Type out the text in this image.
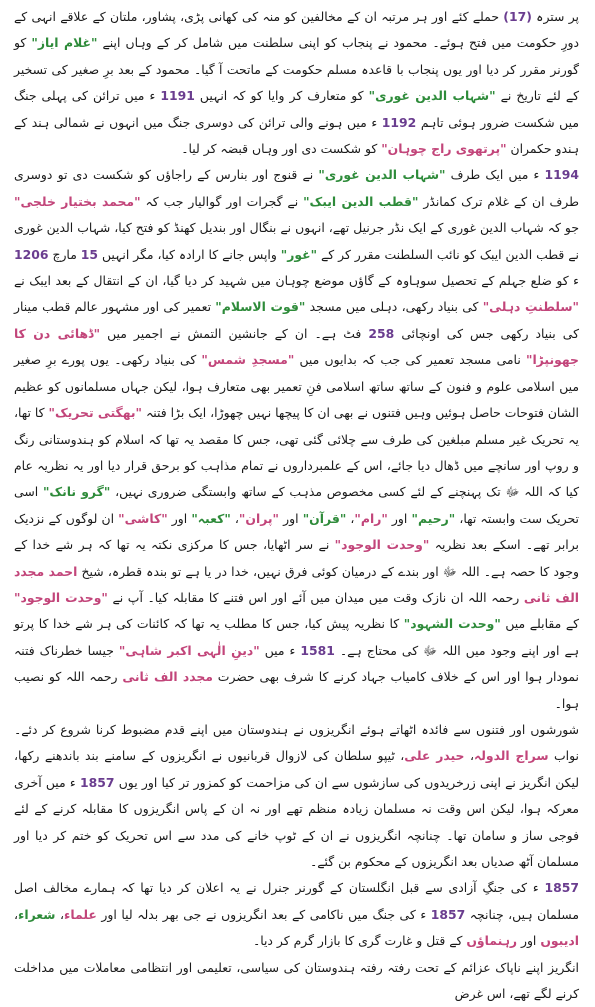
پر سترہ (17) حملے کئے اور ہر مرتبہ ان کے مخالفین کو منہ کی کھانی پڑی، پشاور، ملتان کے علاقے انہی کے دورِ حکومت میں فتح ہوئے۔ محمود نے پنجاب کو اپنی سلطنت میں شامل کر کے وہاں اپنے "غلام ایاز" کو گورنر مقرر کر دیا اور یوں پنجاب با قاعدہ مسلم حکومت کے ماتحت آ گیا۔ محمود کے بعد برِ صغیر کی تسخیر کے لئے تاریخ نے "شہاب الدین غوری" کو متعارف کر وایا کو کہ انہیں 1191 ء میں ترائن کی پہلی جنگ میں شکست ضرور ہوئی تاہم 1192 ء میں ہونے والی ترائن کی دوسری جنگ میں انہوں نے شمالی ہند کے ہندو حکمران "پرتھوی راج چوہان" کو شکست دی اور وہاں قبضہ کر لیا۔

1194 ء میں ایک طرف "شہاب الدین غوری" نے قنوج اور بنارس کے راجاؤں کو شکست دی تو دوسری طرف ان کے غلام ترک کمانڈر "قطب الدین ایبک" نے گجرات اور گوالیار جب کہ "محمد بختیار خلجی" جو کہ شہاب الدین غوری کے ایک نڈر جرنیل تھے، انہوں نے بنگال اور بندیل کھنڈ کو فتح کیا، شہاب الدین غوری نے قطب الدین ایبک کو نائب السلطنت مقرر کر کے "غور" واپس جانے کا ارادہ کیا، مگر انہیں 15 مارچ 1206 ء کو ضلع جہلم کے تحصیل سوہاوہ کے گاؤں موضع چوہان میں شہید کر دیا گیا، ان کے انتقال کے بعد ایبک نے "سلطنتِ دہلی" کی بنیاد رکھی، دہلی میں مسجد "قوت الاسلام" تعمیر کی اور مشہور عالم قطب مینار کی بنیاد رکھی جس کی اونچائی 258 فٹ ہے۔ ان کے جانشین التمش نے اجمیر میں "ڈھائی دن کا جھونپڑا" نامی مسجد تعمیر کی جب کہ بدایوں میں "مسجدِ شمس" کی بنیاد رکھی۔ یوں پورے برِ صغیر میں اسلامی علوم و فنون کے ساتھ ساتھ اسلامی فنِ تعمیر بھی متعارف ہوا، لیکن جہاں مسلمانوں کو عظیم الشان فتوحات حاصل ہوئیں وہیں فتنوں نے بھی ان کا پیچھا نہیں چھوڑا، ایک بڑا فتنہ "بھگتی تحریک" کا تھا، یہ تحریک غیر مسلم مبلغین کی طرف سے چلائی گئی تھی، جس کا مقصد یہ تھا کہ اسلام کو ہندوستانی رنگ و روپ اور سانچے میں ڈھال دیا جائے، اس کے علمبرداروں نے تمام مذاہب کو برحق قرار دیا اور یہ نظریہ عام کیا کہ اللہ ﷻ تک پہنچنے کے لئے کسی مخصوص مذہب کے ساتھ وابستگی ضروری نہیں، "گرو نانک" اسی تحریک ست وابستہ تھا، "رحیم" اور "رام"، "قرآن" اور "پران"، "کعبہ" اور "کاشی" ان لوگوں کے نزدیک برابر تھے۔ اسکے بعد نظریہ "وحدت الوجود" نے سر اٹھایا، جس کا مرکزی نکتہ یہ تھا کہ ہر شے خدا کے وجود کا حصہ ہے۔ اللہ ﷻ اور بندے کے درمیان کوئی فرق نہیں، خدا در یا ہے تو بندہ قطرہ، شیخ احمد مجدد الف ثانی رحمہ اللہ ان نازک وقت میں میدان میں آئے اور اس فتنے کا مقابلہ کیا۔ آپ نے "وحدت الوجود" کے مقابلے میں "وحدت الشہود" کا نظریہ پیش کیا، جس کا مطلب یہ تھا کہ کائنات کی ہر شے خدا کا پرتو ہے اور اپنے وجود میں اللہ ﷻ کی محتاج ہے۔ 1581 ء میں "دینِ الٰہی اکبر شاہی" جیسا خطرناک فتنہ نمودار ہوا اور اس کے خلاف کامیاب جہاد کرنے کا شرف بھی حضرت مجدد الف ثانی رحمہ اللہ کو نصیب ہوا۔

شورشوں اور فتنوں سے فائدہ اٹھاتے ہوئے انگریزوں نے ہندوستان میں اپنے قدم مضبوط کرنا شروع کر دئے۔ نواب سراج الدولہ، حیدر علی، ٹیپو سلطان کی لازوال قربانیوں نے انگریزوں کے سامنے بند باندھنے رکھا، لیکن انگریز نے اپنی زرخریدوں کی سازشوں سے ان کی مزاحمت کو کمزور تر کیا اور یوں 1857 ء میں آخری معرکہ ہوا، لیکن اس وقت نہ مسلمان زیادہ منظم تھے اور نہ ان کے پاس انگریزوں کا مقابلہ کرنے کے لئے فوجی ساز و سامان تھا۔ چنانچہ انگریزوں نے ان کے ٹوپ خانے کی مدد سے اس تحریک کو ختم کر دیا اور مسلمان آٹھ صدیاں بعد انگریزوں کے محکوم بن گئے۔

1857 ء کی جنگِ آزادی سے قبل انگلستان کے گورنر جنرل نے یہ اعلان کر دیا تھا کہ ہمارے مخالف اصل مسلمان ہیں، چنانچہ 1857 ء کی جنگ میں ناکامی کے بعد انگریزوں نے جی بھر بدلہ لیا اور علماء، شعراء، ادیبوں اور رہنماؤں کے قتل و غارت گری کا بازار گرم کر دیا۔

انگریز اپنے ناپاک عزائم کے تحت رفتہ رفتہ ہندوستان کی سیاسی، تعلیمی اور انتظامی معاملات میں مداخلت کرنے لگے تھے، اس غرض
